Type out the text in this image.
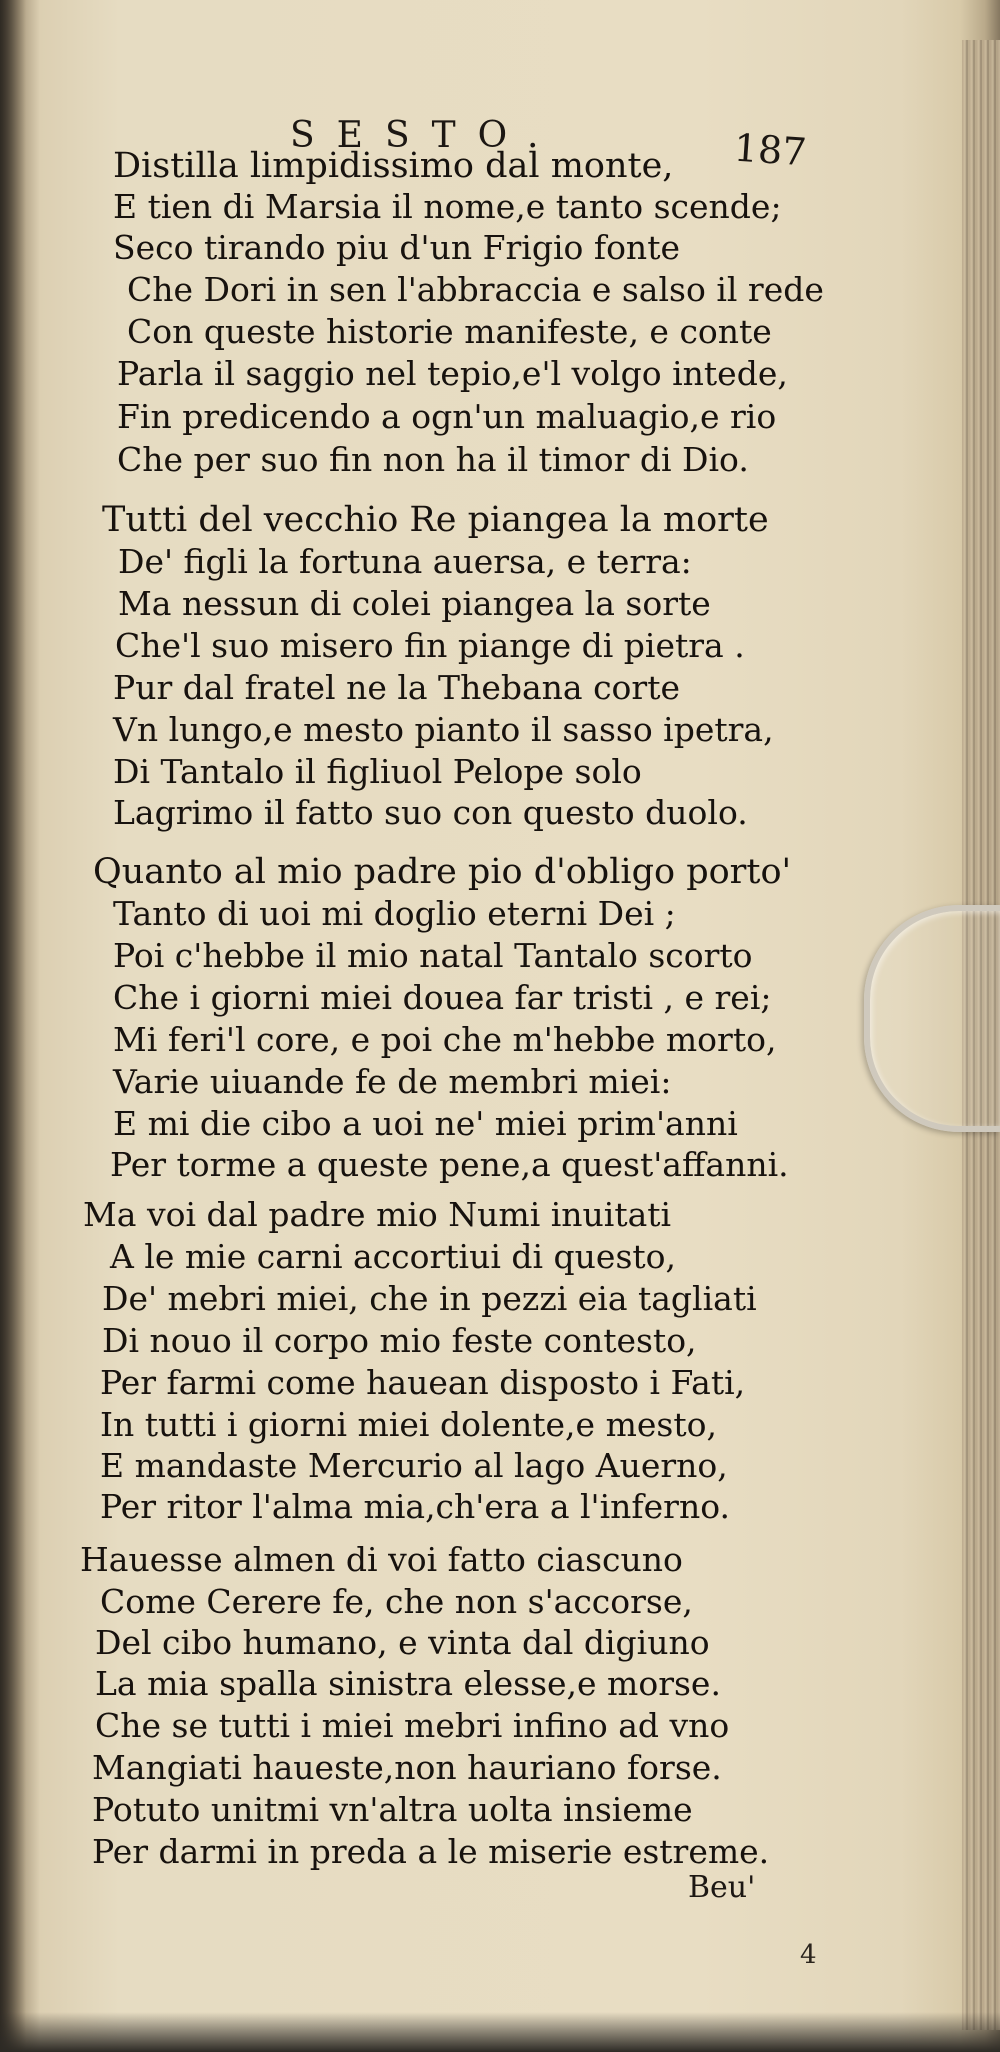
SESTO.	187
Distilla limpidissimo dal monte,
E tien di Marsia il nome,e tanto scende;
Seco tirando piu d'un Frigio fonte
Che Dori in sen l'abbraccia e salso il rede
Con queste historie manifeste, e conte
Parla il saggio nel tepio,e'l volgo intede,
Fin predicendo a ogn'un maluagio,e rio
Che per suo fin non ha il timor di Dio.
Tutti del vecchio Re piangea la morte
De' figli la fortuna auersa, e terra:
Ma nessun di colei piangea la sorte
Che'l suo misero fin piange di pietra .
Pur dal fratel ne la Thebana corte
Vn lungo,e mesto pianto il sasso ipetra,
Di Tantalo il figliuol Pelope solo
Lagrimo il fatto suo con questo duolo.
Quanto al mio padre pio d'obligo porto'
Tanto di uoi mi doglio eterni Dei ;
Poi c'hebbe il mio natal Tantalo scorto
Che i giorni miei douea far tristi , e rei;
Mi feri'l core, e poi che m'hebbe morto,
Varie uiuande fe de membri miei:
E mi die cibo a uoi ne' miei prim'anni
Per torme a queste pene,a quest'affanni.
Ma voi dal padre mio Numi inuitati
A le mie carni accortiui di questo,
De' mebri miei, che in pezzi eia tagliati
Di nouo il corpo mio feste contesto,
Per farmi come hauean disposto i Fati,
In tutti i giorni miei dolente,e mesto,
E mandaste Mercurio al lago Auerno,
Per ritor l'alma mia,ch'era a l'inferno.
Hauesse almen di voi fatto ciascuno
Come Cerere fe, che non s'accorse,
Del cibo humano, e vinta dal digiuno
La mia spalla sinistra elesse,e morse.
Che se tutti i miei mebri infino ad vno
Mangiati haueste,non hauriano forse.
Potuto unitmi vn'altra uolta insieme
Per darmi in preda a le miserie estreme.
Beu'
4
